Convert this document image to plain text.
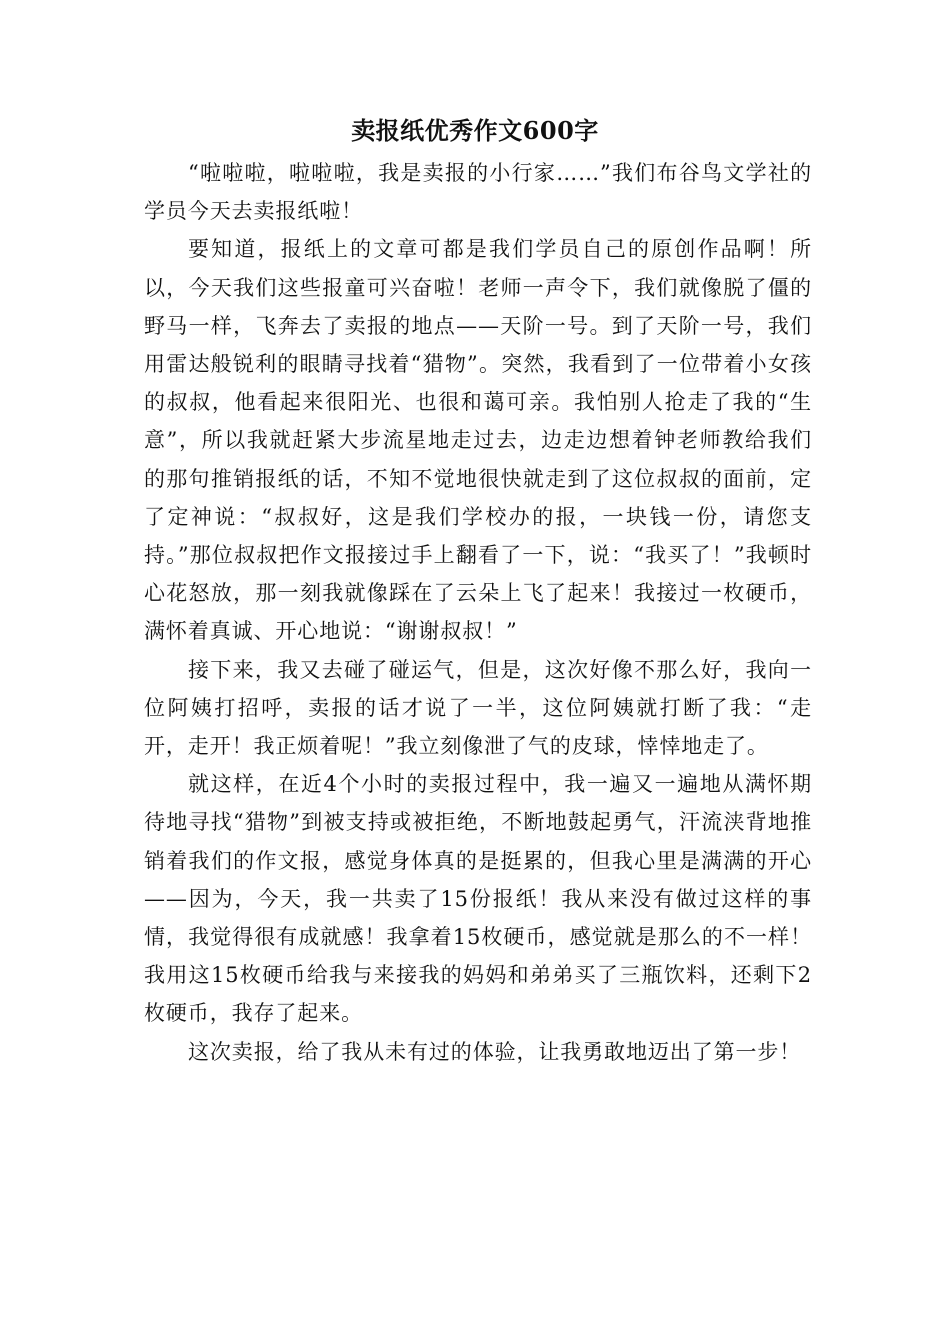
卖报纸优秀作文600字

“啦啦啦，啦啦啦，我是卖报的小行家……”我们布谷鸟文学社的学员今天去卖报纸啦！

要知道，报纸上的文章可都是我们学员自己的原创作品啊！所以，今天我们这些报童可兴奋啦！老师一声令下，我们就像脱了僵的野马一样，飞奔去了卖报的地点——天阶一号。到了天阶一号，我们用雷达般锐利的眼睛寻找着“猎物”。突然，我看到了一位带着小女孩的叔叔，他看起来很阳光、也很和蔼可亲。我怕别人抢走了我的“生意”，所以我就赶紧大步流星地走过去，边走边想着钟老师教给我们的那句推销报纸的话，不知不觉地很快就走到了这位叔叔的面前，定了定神说：“叔叔好，这是我们学校办的报，一块钱一份，请您支持。”那位叔叔把作文报接过手上翻看了一下，说：“我买了！”我顿时心花怒放，那一刻我就像踩在了云朵上飞了起来！我接过一枚硬币，满怀着真诚、开心地说：“谢谢叔叔！”

接下来，我又去碰了碰运气，但是，这次好像不那么好，我向一位阿姨打招呼，卖报的话才说了一半，这位阿姨就打断了我：“走开，走开！我正烦着呢！”我立刻像泄了气的皮球，悻悻地走了。

就这样，在近4个小时的卖报过程中，我一遍又一遍地从满怀期待地寻找“猎物”到被支持或被拒绝，不断地鼓起勇气，汗流浃背地推销着我们的作文报，感觉身体真的是挺累的，但我心里是满满的开心——因为，今天，我一共卖了15份报纸！我从来没有做过这样的事情，我觉得很有成就感！我拿着15枚硬币，感觉就是那么的不一样！我用这15枚硬币给我与来接我的妈妈和弟弟买了三瓶饮料，还剩下2枚硬币，我存了起来。

这次卖报，给了我从未有过的体验，让我勇敢地迈出了第一步！
